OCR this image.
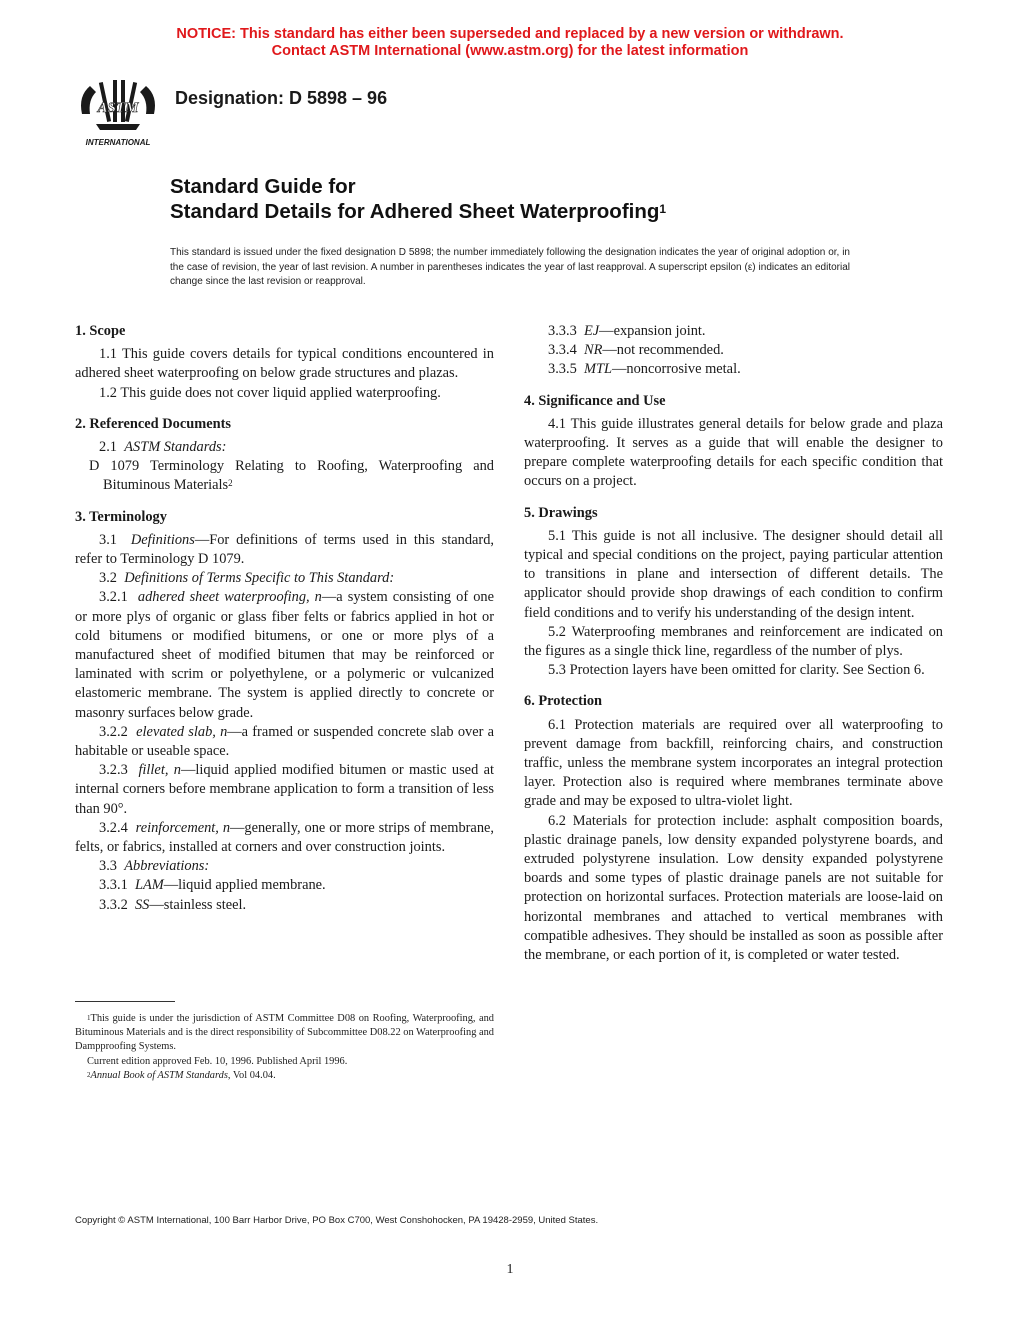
NOTICE: This standard has either been superseded and replaced by a new version or withdrawn.
Contact ASTM International (www.astm.org) for the latest information
ASTM
INTERNATIONAL
Designation: D 5898 – 96
Standard Guide for
Standard Details for Adhered Sheet Waterproofing$^1$
This standard is issued under the fixed designation D 5898; the number immediately following the designation indicates the year of original adoption or, in the case of revision, the year of last revision. A number in parentheses indicates the year of last reapproval. A superscript epsilon (ε) indicates an editorial change since the last revision or reapproval.
1. Scope

1.1 This guide covers details for typical conditions encountered in adhered sheet waterproofing on below grade structures and plazas.

1.2 This guide does not cover liquid applied waterproofing.

2. Referenced Documents

2.1 ASTM Standards:

D 1079 Terminology Relating to Roofing, Waterproofing and Bituminous Materials$^2$

3. Terminology

3.1 Definitions—For definitions of terms used in this standard, refer to Terminology D 1079.

3.2 Definitions of Terms Specific to This Standard:

3.2.1 adhered sheet waterproofing, n—a system consisting of one or more plys of organic or glass fiber felts or fabrics applied in hot or cold bitumens or modified bitumens, or one or more plys of a manufactured sheet of modified bitumen that may be reinforced or laminated with scrim or polyethylene, or a polymeric or vulcanized elastomeric membrane. The system is applied directly to concrete or masonry surfaces below grade.

3.2.2 elevated slab, n—a framed or suspended concrete slab over a habitable or useable space.

3.2.3 fillet, n—liquid applied modified bitumen or mastic used at internal corners before membrane application to form a transition of less than 90°.

3.2.4 reinforcement, n—generally, one or more strips of membrane, felts, or fabrics, installed at corners and over construction joints.

3.3 Abbreviations:

3.3.1 LAM—liquid applied membrane.

3.3.2 SS—stainless steel.

3.3.3 EJ—expansion joint.

3.3.4 NR—not recommended.

3.3.5 MTL—noncorrosive metal.

4. Significance and Use

4.1 This guide illustrates general details for below grade and plaza waterproofing. It serves as a guide that will enable the designer to prepare complete waterproofing details for each specific condition that occurs on a project.

5. Drawings

5.1 This guide is not all inclusive. The designer should detail all typical and special conditions on the project, paying particular attention to transitions in plane and intersection of different details. The applicator should provide shop drawings of each condition to confirm field conditions and to verify his understanding of the design intent.

5.2 Waterproofing membranes and reinforcement are indicated on the figures as a single thick line, regardless of the number of plys.

5.3 Protection layers have been omitted for clarity. See Section 6.

6. Protection

6.1 Protection materials are required over all waterproofing to prevent damage from backfill, reinforcing chairs, and construction traffic, unless the membrane system incorporates an integral protection layer. Protection also is required where membranes terminate above grade and may be exposed to ultra-violet light.

6.2 Materials for protection include: asphalt composition boards, plastic drainage panels, low density expanded polystyrene boards, and extruded polystyrene insulation. Low density expanded polystyrene boards and some types of plastic drainage panels are not suitable for protection on horizontal surfaces. Protection materials are loose-laid on horizontal membranes and attached to vertical membranes with compatible adhesives. They should be installed as soon as possible after the membrane, or each portion of it, is completed or water tested.

$^1$This guide is under the jurisdiction of ASTM Committee D08 on Roofing, Waterproofing, and Bituminous Materials and is the direct responsibility of Subcommittee D08.22 on Waterproofing and Dampproofing Systems.

Current edition approved Feb. 10, 1996. Published April 1996.

$^2$Annual Book of ASTM Standards, Vol 04.04.

Copyright © ASTM International, 100 Barr Harbor Drive, PO Box C700, West Conshohocken, PA 19428-2959, United States.
1
